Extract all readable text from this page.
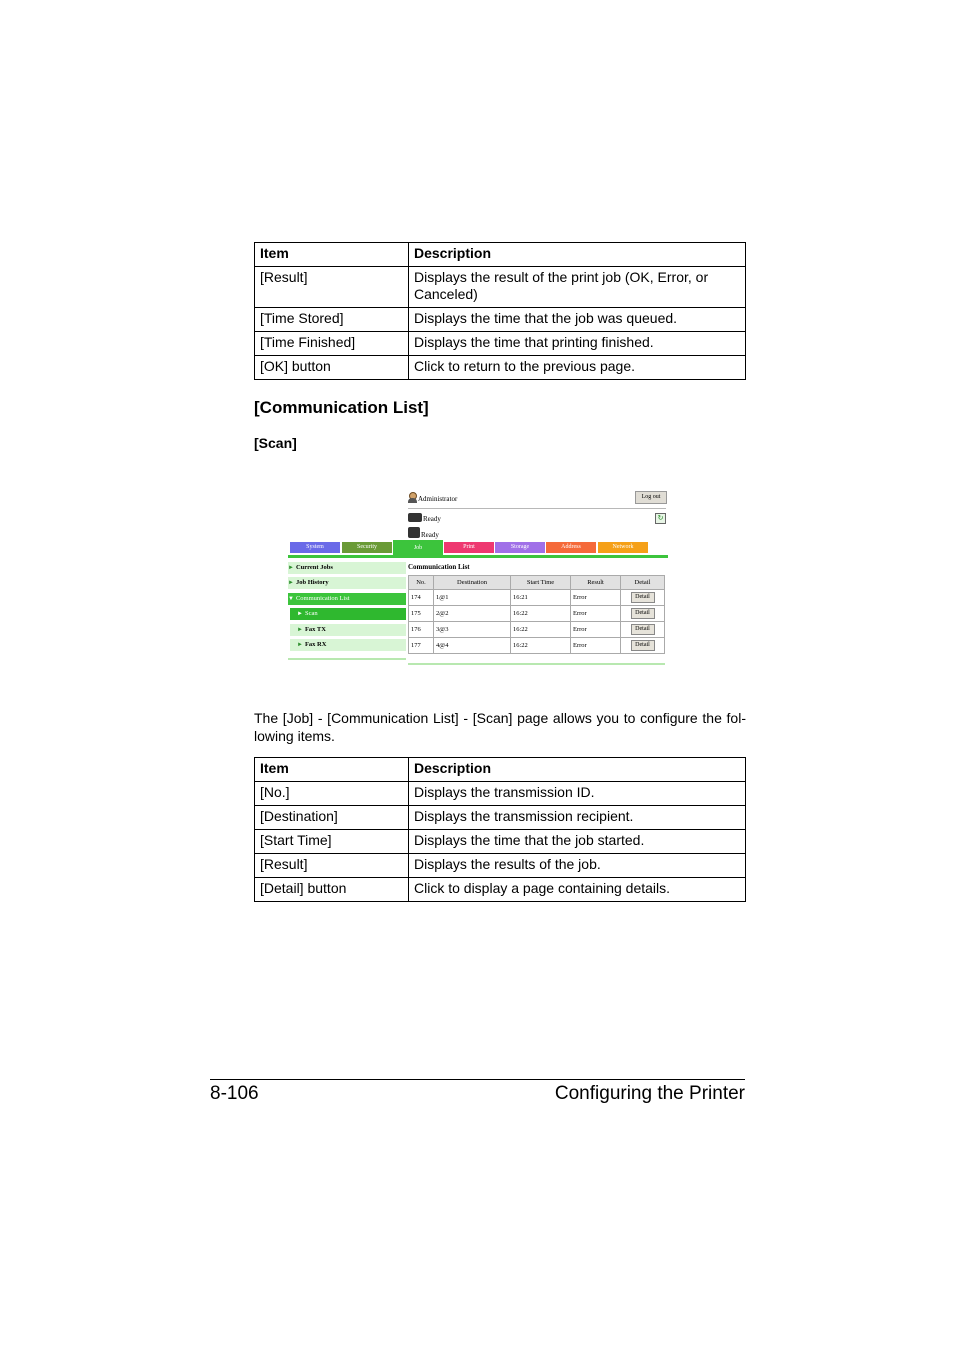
Item	Description
[Result]	Displays the result of the print job (OK, Error, or Canceled)
[Time Stored]	Displays the time that the job was queued.
[Time Finished]	Displays the time that printing finished.
[OK] button	Click to return to the previous page.
[Communication List]
[Scan]
Administrator	Log out
Ready
Ready
↻
System	Security	Job	Print	Storage	Address	Network
► Current Jobs
► Job History
▼ Communication List
► Scan
► Fax TX
► Fax RX
Communication List
No.	Destination	Start Time	Result	Detail
174	1@1	16:21	Error	Detail
175	2@2	16:22	Error	Detail
176	3@3	16:22	Error	Detail
177	4@4	16:22	Error	Detail
The [Job] - [Communication List] - [Scan] page allows you to configure the fol-lowing items.
Item	Description
[No.]	Displays the transmission ID.
[Destination]	Displays the transmission recipient.
[Start Time]	Displays the time that the job started.
[Result]	Displays the results of the job.
[Detail] button	Click to display a page containing details.
8-106	Configuring the Printer
